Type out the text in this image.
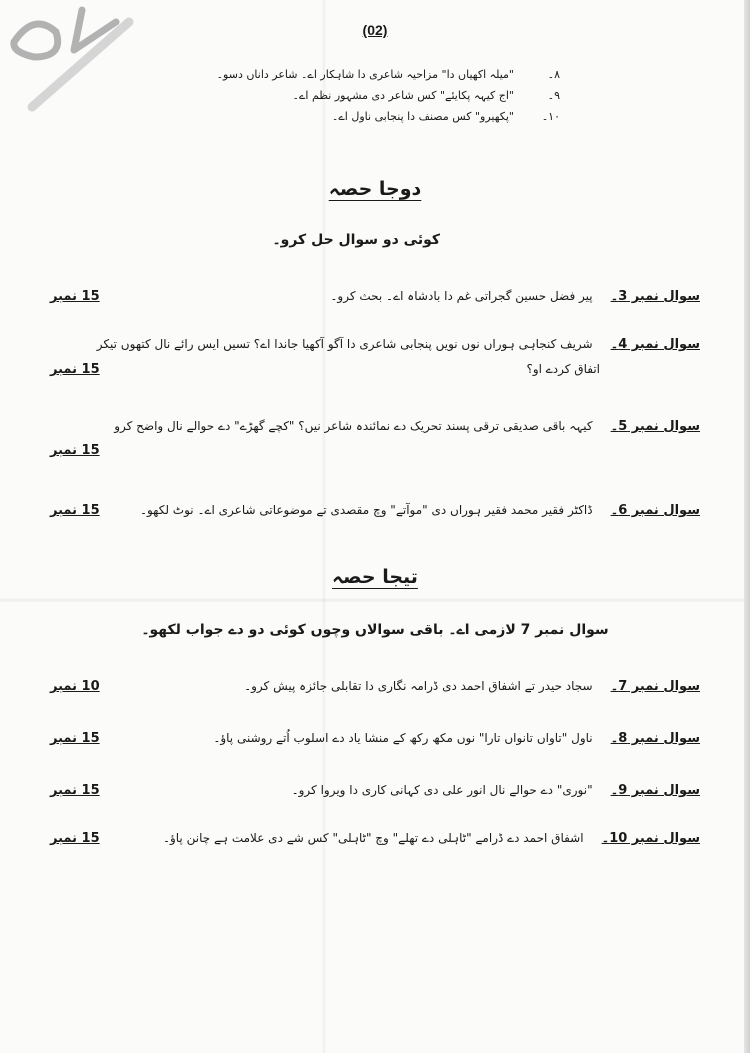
(02)
۸۔
"میلہ اکھیاں دا" مزاحیہ شاعری دا شاہکار اے۔ شاعر داناں دسو۔
۹۔
"اج کیہہ پکایئے" کس شاعر دی مشہور نظم اے۔
۱۰۔
"پکھیرو" کس مصنف دا پنجابی ناول اے۔
دوجا حصہ
کوئی دو سوال حل کرو۔
سوال نمبر 3۔
پیر فضل حسین گجراتی غم دا بادشاہ اے۔ بحث کرو۔
15 نمبر
سوال نمبر 4۔
شریف کنجاہی ہوراں نوں نویں پنجابی شاعری دا آگو آکھیا جاندا اے؟ تسیں ایس رائے نال کتھوں تیکر
اتفاق کردے او؟
15 نمبر
سوال نمبر 5۔
کیہہ باقی صدیقی ترقی پسند تحریک دے نمائندہ شاعر نیں؟ "کچے گھڑے" دے حوالے نال واضح کرو
15 نمبر
سوال نمبر 6۔
ڈاکٹر فقیر محمد فقیر ہوراں دی "موآتے" وچ مقصدی تے موضوعاتی شاعری اے۔ نوٹ لکھو۔
15 نمبر
تیجا حصہ
سوال نمبر 7 لازمی اے۔ باقی سوالاں وچوں کوئی دو دے جواب لکھو۔
سوال نمبر 7۔
سجاد حیدر تے اشفاق احمد دی ڈرامہ نگاری دا تقابلی جائزہ پیش کرو۔
10 نمبر
سوال نمبر 8۔
ناول "تاواں تانواں تارا" نوں مکھ رکھ کے منشا یاد دے اسلوب اُتے روشنی پاؤ۔
15 نمبر
سوال نمبر 9۔
"نوری" دے حوالے نال انور علی دی کہانی کاری دا ویروا کرو۔
15 نمبر
سوال نمبر 10۔
اشفاق احمد دے ڈرامے "ٹاہلی دے تھلے" وچ "ٹاہلی" کس شے دی علامت ہے چانن پاؤ۔
15 نمبر
